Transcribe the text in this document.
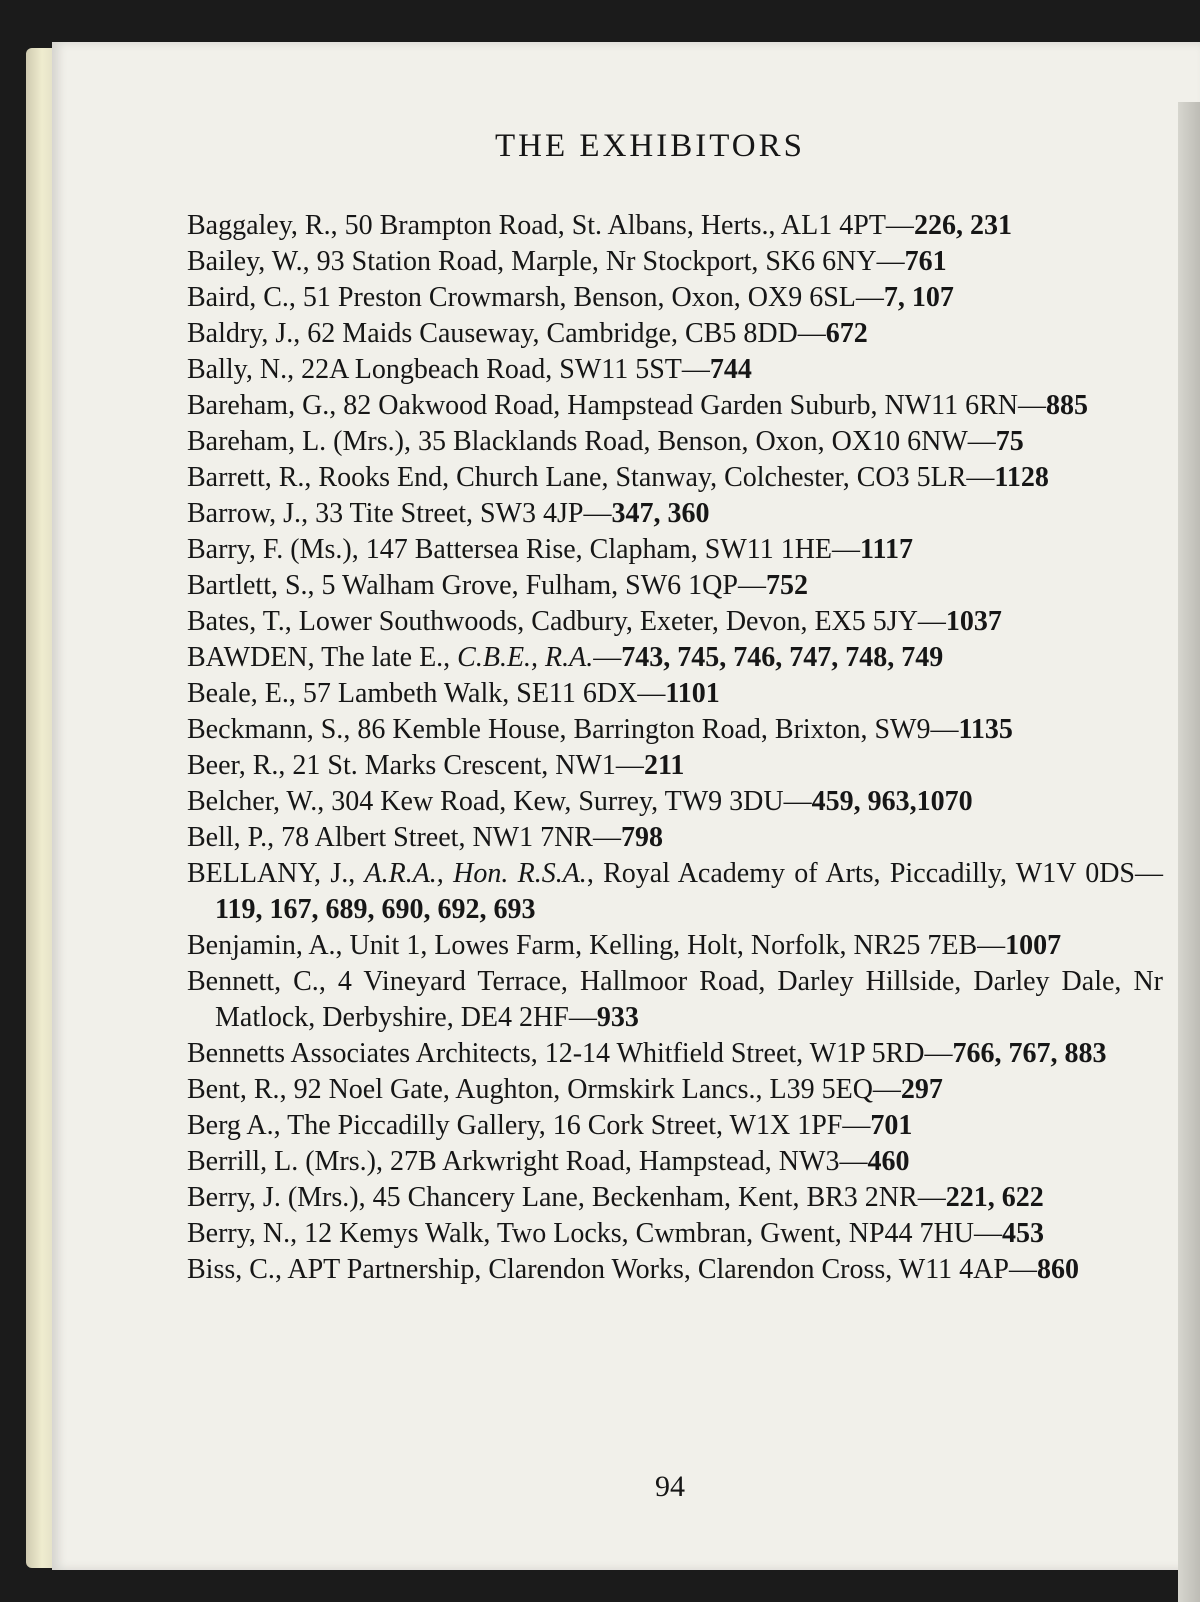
THE EXHIBITORS

Baggaley, R., 50 Brampton Road, St. Albans, Herts., AL1 4PT—226, 231

Bailey, W., 93 Station Road, Marple, Nr Stockport, SK6 6NY—761

Baird, C., 51 Preston Crowmarsh, Benson, Oxon, OX9 6SL—7, 107

Baldry, J., 62 Maids Causeway, Cambridge, CB5 8DD—672

Bally, N., 22A Longbeach Road, SW11 5ST—744

Bareham, G., 82 Oakwood Road, Hampstead Garden Suburb, NW11 6RN—885

Bareham, L. (Mrs.), 35 Blacklands Road, Benson, Oxon, OX10 6NW—75

Barrett, R., Rooks End, Church Lane, Stanway, Colchester, CO3 5LR—1128

Barrow, J., 33 Tite Street, SW3 4JP—347, 360

Barry, F. (Ms.), 147 Battersea Rise, Clapham, SW11 1HE—1117

Bartlett, S., 5 Walham Grove, Fulham, SW6 1QP—752

Bates, T., Lower Southwoods, Cadbury, Exeter, Devon, EX5 5JY—1037

BAWDEN, The late E., C.B.E., R.A.—743, 745, 746, 747, 748, 749

Beale, E., 57 Lambeth Walk, SE11 6DX—1101

Beckmann, S., 86 Kemble House, Barrington Road, Brixton, SW9—1135

Beer, R., 21 St. Marks Crescent, NW1—211

Belcher, W., 304 Kew Road, Kew, Surrey, TW9 3DU—459, 963,1070

Bell, P., 78 Albert Street, NW1 7NR—798

BELLANY, J., A.R.A., Hon. R.S.A., Royal Academy of Arts, Piccadilly, W1V 0DS—119, 167, 689, 690, 692, 693

Benjamin, A., Unit 1, Lowes Farm, Kelling, Holt, Norfolk, NR25 7EB—1007

Bennett, C., 4 Vineyard Terrace, Hallmoor Road, Darley Hillside, Darley Dale, Nr Matlock, Derbyshire, DE4 2HF—933

Bennetts Associates Architects, 12-14 Whitfield Street, W1P 5RD—766, 767, 883

Bent, R., 92 Noel Gate, Aughton, Ormskirk Lancs., L39 5EQ—297

Berg A., The Piccadilly Gallery, 16 Cork Street, W1X 1PF—701

Berrill, L. (Mrs.), 27B Arkwright Road, Hampstead, NW3—460

Berry, J. (Mrs.), 45 Chancery Lane, Beckenham, Kent, BR3 2NR—221, 622

Berry, N., 12 Kemys Walk, Two Locks, Cwmbran, Gwent, NP44 7HU—453

Biss, C., APT Partnership, Clarendon Works, Clarendon Cross, W11 4AP—860

94
